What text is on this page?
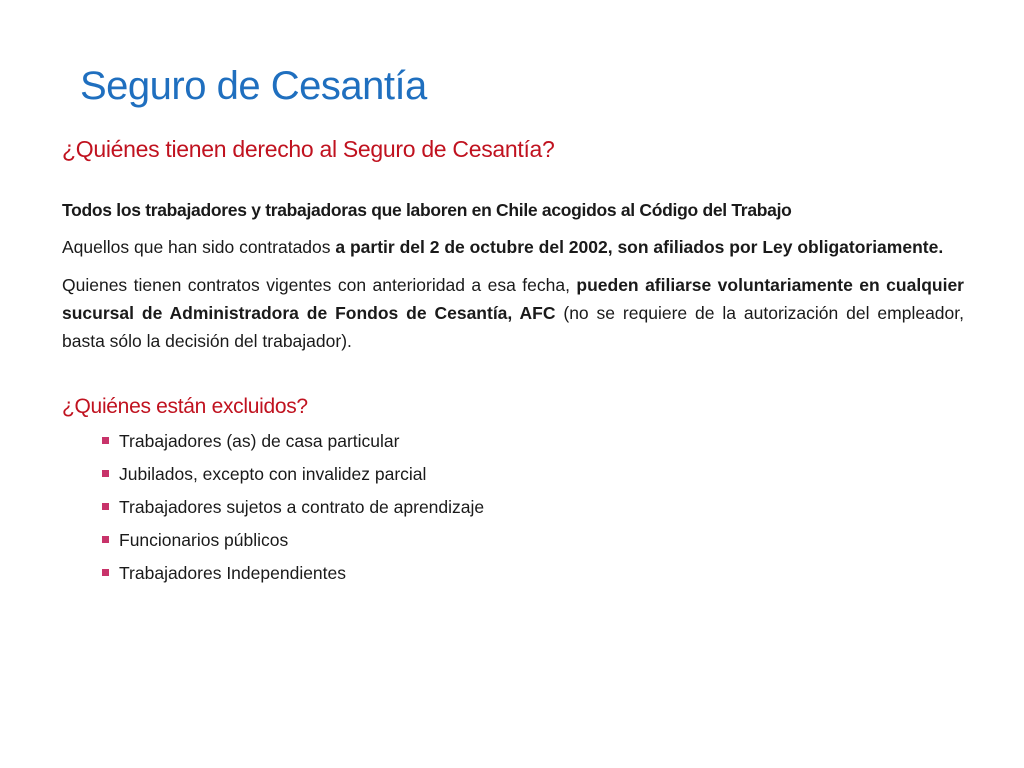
Seguro de Cesantía
¿Quiénes tienen derecho al Seguro de Cesantía?

Todos los trabajadores y trabajadoras que laboren en Chile acogidos al Código del Trabajo

Aquellos que han sido contratados a partir del 2 de octubre del 2002, son afiliados por Ley obligatoriamente.

Quienes tienen contratos vigentes con anterioridad a esa fecha, pueden afiliarse voluntariamente en cualquier sucursal de Administradora de Fondos de Cesantía, AFC (no se requiere de la autorización del empleador, basta sólo la decisión del trabajador).

¿Quiénes están excluidos?
Trabajadores (as) de casa particular
Jubilados, excepto con invalidez parcial
Trabajadores sujetos a contrato de aprendizaje
Funcionarios públicos
Trabajadores Independientes
